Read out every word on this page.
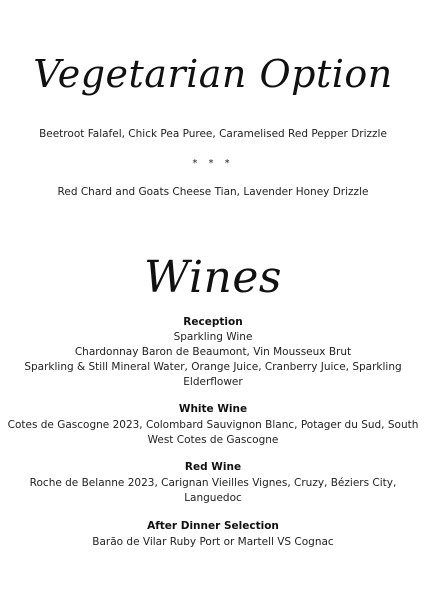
Vegetarian Option
Beetroot Falafel, Chick Pea Puree, Caramelised Red Pepper Drizzle
* * *
Red Chard and Goats Cheese Tian, Lavender Honey Drizzle
Wines
Reception
Sparkling Wine
Chardonnay Baron de Beaumont, Vin Mousseux Brut
Sparkling & Still Mineral Water, Orange Juice, Cranberry Juice, Sparkling
Elderflower
White Wine
Cotes de Gascogne 2023, Colombard Sauvignon Blanc, Potager du Sud, South
West Cotes de Gascogne
Red Wine
Roche de Belanne 2023, Carignan Vieilles Vignes, Cruzy, Béziers City,
Languedoc
After Dinner Selection
Barão de Vilar Ruby Port or Martell VS Cognac
